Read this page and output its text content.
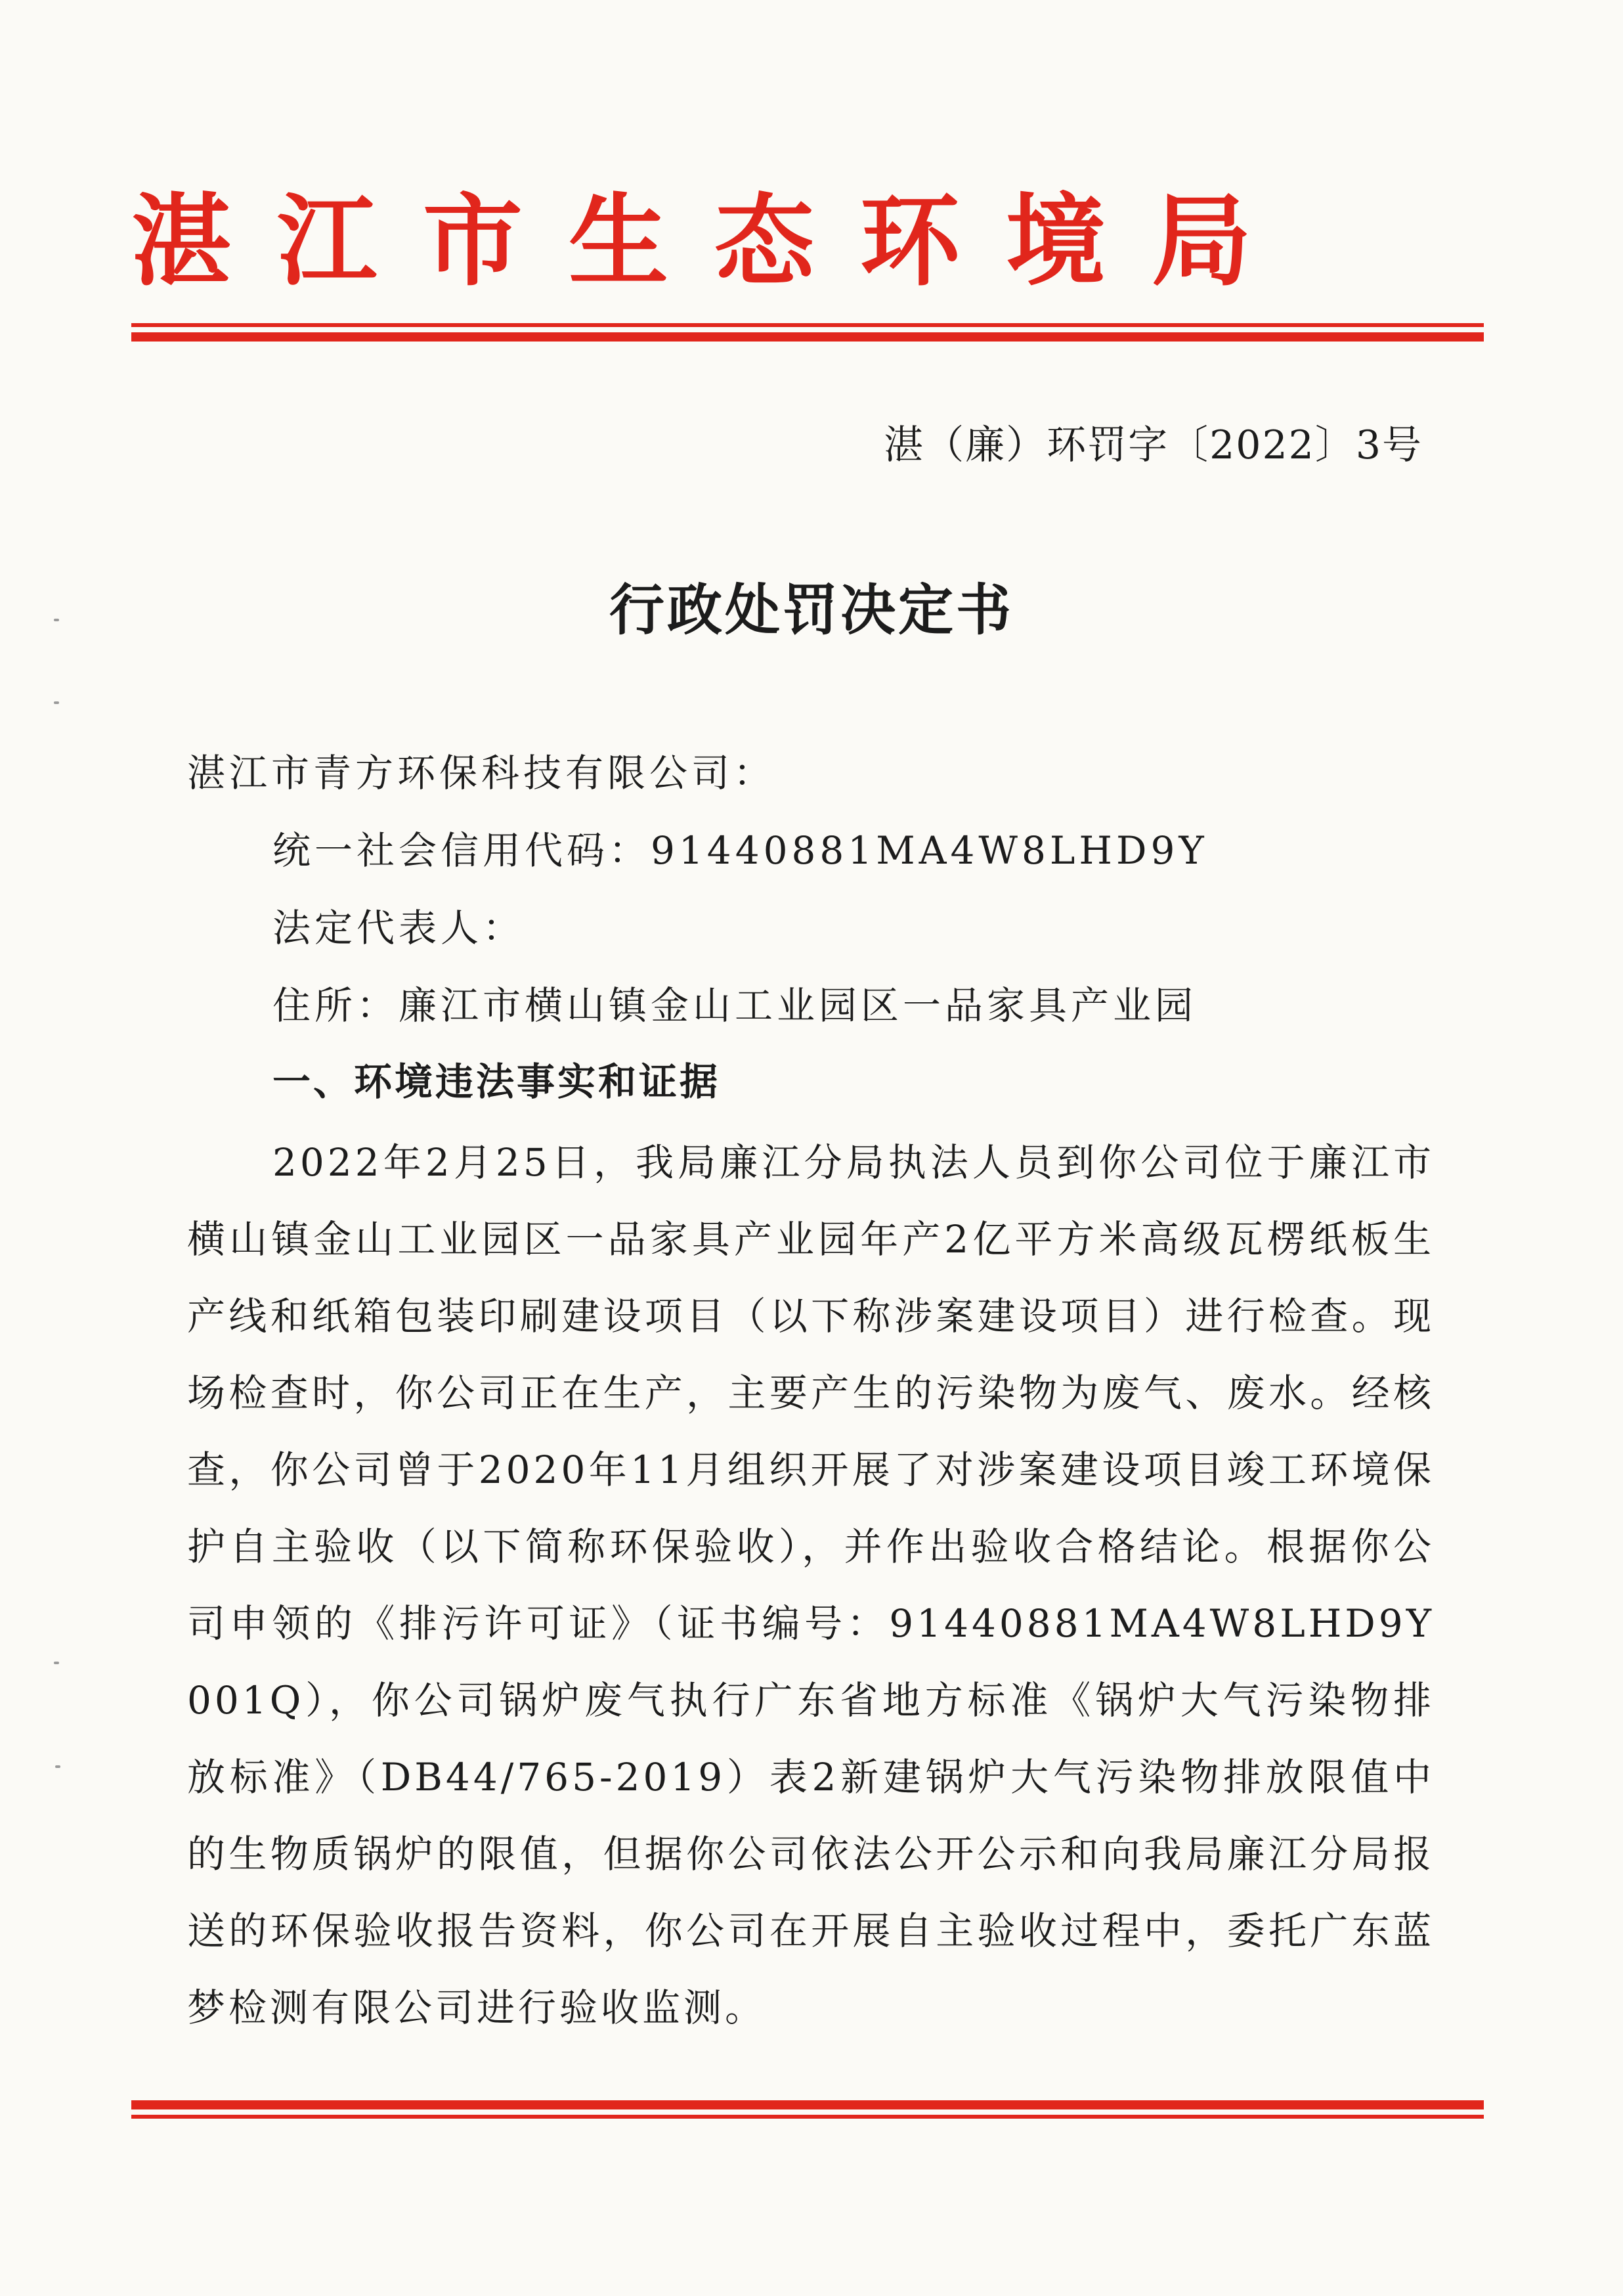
湛江市生态环境局
湛（廉）环罚字〔2022〕3号
行政处罚决定书
湛江市青方环保科技有限公司：
统一社会信用代码：91440881MA4W8LHD9Y
法定代表人：
住所：廉江市横山镇金山工业园区一品家具产业园
一、环境违法事实和证据
2022年2月25日，我局廉江分局执法人员到你公司位于廉江市横山镇金山工业园区一品家具产业园年产2亿平方米高级瓦楞纸板生产线和纸箱包装印刷建设项目（以下称涉案建设项目）进行检查。现场检查时，你公司正在生产，主要产生的污染物为废气、废水。经核查，你公司曾于2020年11月组织开展了对涉案建设项目竣工环境保护自主验收（以下简称环保验收），并作出验收合格结论。根据你公司申领的《排污许可证》（证书编号：91440881MA4W8LHD9Y001Q），你公司锅炉废气执行广东省地方标准《锅炉大气污染物排放标准》（DB44/765-2019）表2新建锅炉大气污染物排放限值中的生物质锅炉的限值，但据你公司依法公开公示和向我局廉江分局报送的环保验收报告资料，你公司在开展自主验收过程中，委托广东蓝梦检测有限公司进行验收监测。
